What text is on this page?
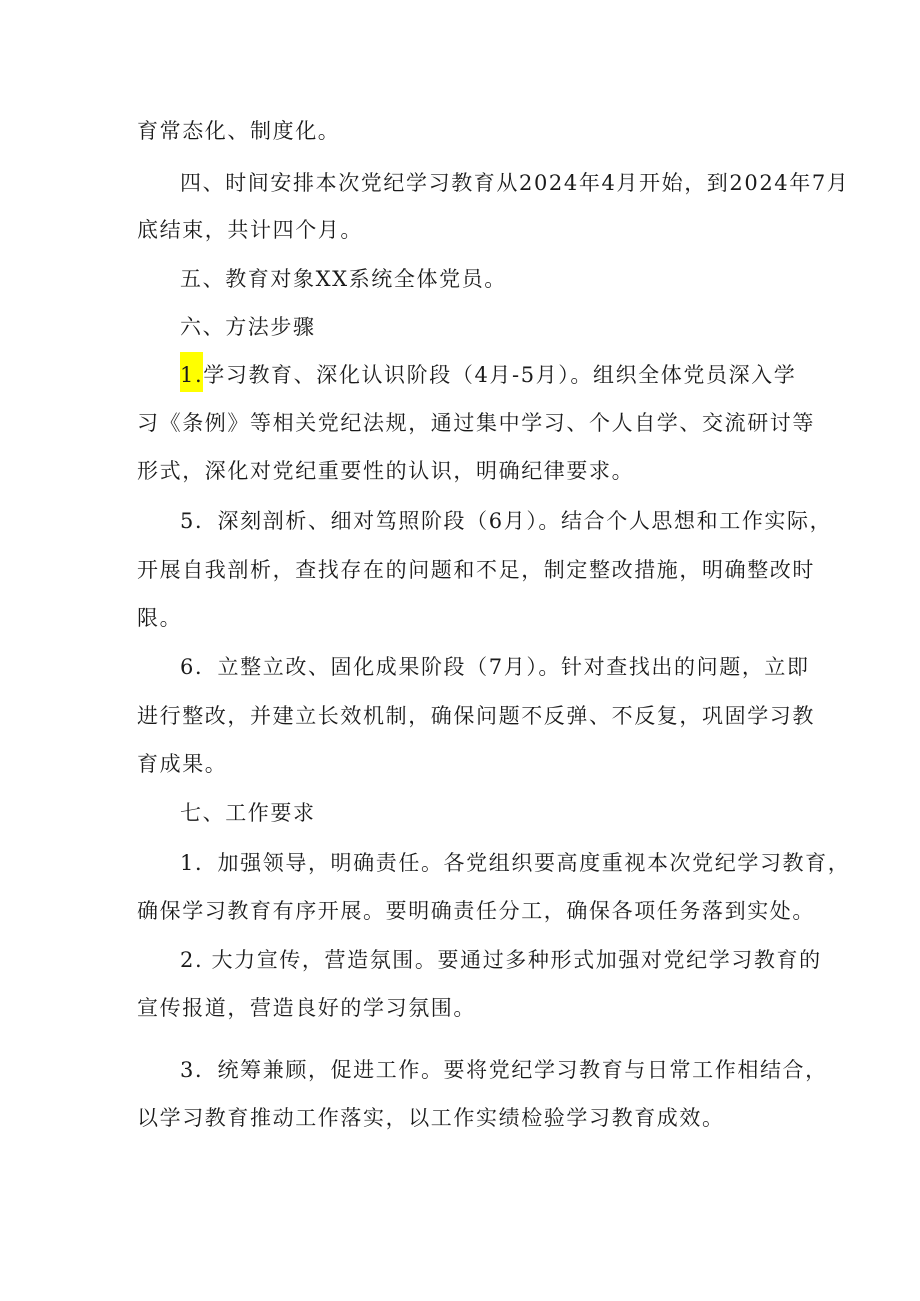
育常态化、制度化。
四、时间安排本次党纪学习教育从2024年4月开始，到2024年7月
底结束，共计四个月。
五、教育对象XX系统全体党员。
六、方法步骤
1.学习教育、深化认识阶段（4月-5月）。组织全体党员深入学
习《条例》等相关党纪法规，通过集中学习、个人自学、交流研讨等
形式，深化对党纪重要性的认识，明确纪律要求。
5．深刻剖析、细对笃照阶段（6月）。结合个人思想和工作实际，
开展自我剖析，查找存在的问题和不足，制定整改措施，明确整改时
限。
6．立整立改、固化成果阶段（7月）。针对查找出的问题，立即
进行整改，并建立长效机制，确保问题不反弹、不反复，巩固学习教
育成果。
七、工作要求
1．加强领导，明确责任。各党组织要高度重视本次党纪学习教育，
确保学习教育有序开展。要明确责任分工，确保各项任务落到实处。
2. 大力宣传，营造氛围。要通过多种形式加强对党纪学习教育的
宣传报道，营造良好的学习氛围。
3．统筹兼顾，促进工作。要将党纪学习教育与日常工作相结合，
以学习教育推动工作落实，以工作实绩检验学习教育成效。
